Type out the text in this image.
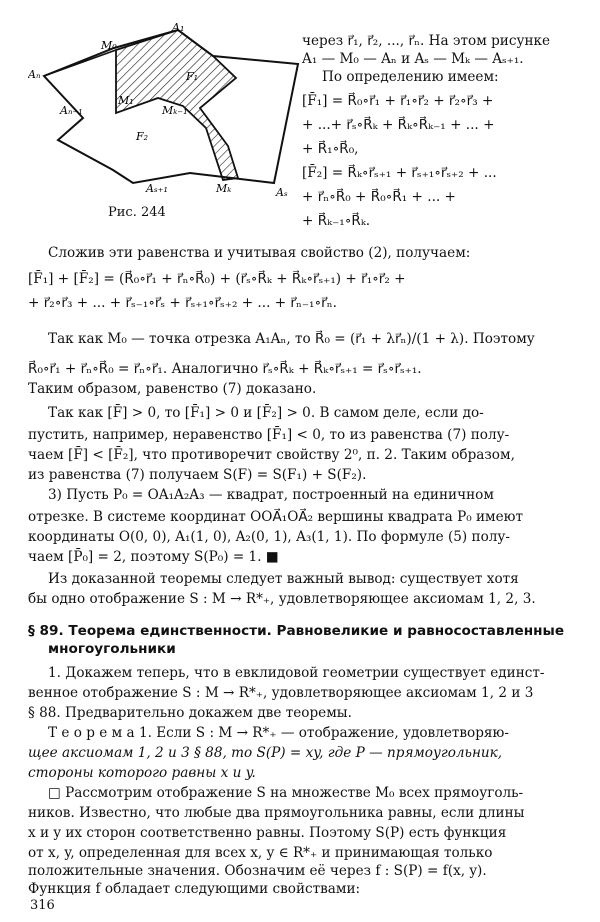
A₁
M₀
Aₙ
Aₙ₋₁
M₁
Mₖ₋₁
F₁
F₂
Aₛ₊₁	Mₖ	Aₛ
Рис. 244
через r⃗₁, r⃗₂, ..., r⃗ₙ. На этом рисунке
A₁ — M₀ — Aₙ и Aₛ — Mₖ — Aₛ₊₁.
По определению имеем:
[F̄₁] = R⃗₀∘r⃗₁ + r⃗₁∘r⃗₂ + r⃗₂∘r⃗₃ +
+ ...+ r⃗ₛ∘R⃗ₖ + R⃗ₖ∘R⃗ₖ₋₁ + ... +
+ R⃗₁∘R⃗₀,
[F̄₂] = R⃗ₖ∘r⃗ₛ₊₁ + r⃗ₛ₊₁∘r⃗ₛ₊₂ + ...
+ r⃗ₙ∘R⃗₀ + R⃗₀∘R⃗₁ + ... +
+ R⃗ₖ₋₁∘R⃗ₖ.
Сложив эти равенства и учитывая свойство (2), получаем:
[F̄₁] + [F̄₂] = (R⃗₀∘r⃗₁ + r⃗ₙ∘R⃗₀) + (r⃗ₛ∘R⃗ₖ + R⃗ₖ∘r⃗ₛ₊₁) + r⃗₁∘r⃗₂ +
+ r⃗₂∘r⃗₃ + ... + r⃗ₛ₋₁∘r⃗ₛ + r⃗ₛ₊₁∘r⃗ₛ₊₂ + ... + r⃗ₙ₋₁∘r⃗ₙ.
Так как M₀ — точка отрезка A₁Aₙ, то R⃗₀ = (r⃗₁ + λr⃗ₙ)/(1 + λ). Поэтому
R⃗₀∘r⃗₁ + r⃗ₙ∘R⃗₀ = r⃗ₙ∘r⃗₁. Аналогично r⃗ₛ∘R⃗ₖ + R⃗ₖ∘r⃗ₛ₊₁ = r⃗ₛ∘r⃗ₛ₊₁.
Таким образом, равенство (7) доказано.
Так как [F̄] > 0, то [F̄₁] > 0 и [F̄₂] > 0. В самом деле, если до-
пустить, например, неравенство [F̄₁] < 0, то из равенства (7) полу-
чаем [F̄] < [F̄₂], что противоречит свойству 2⁰, п. 2. Таким образом,
из равенства (7) получаем S(F) = S(F₁) + S(F₂).
3) Пусть P₀ = OA₁A₂A₃ — квадрат, построенный на единичном
отрезке. В системе координат OOA⃗₁OA⃗₂ вершины квадрата P₀ имеют
координаты O(0, 0), A₁(1, 0), A₂(0, 1), A₃(1, 1). По формуле (5) полу-
чаем [P̄₀] = 2, поэтому S(P₀) = 1. ■
Из доказанной теоремы следует важный вывод: существует хотя
бы одно отображение S : M → R*₊, удовлетворяющее аксиомам 1, 2, 3.
§ 89. Теорема единственности. Равновеликие и равносоставленные
многоугольники
1. Докажем теперь, что в евклидовой геометрии существует единст-
венное отображение S : M → R*₊, удовлетворяющее аксиомам 1, 2 и 3
§ 88. Предварительно докажем две теоремы.
Т е о р е м а 1. Если S : M → R*₊ — отображение, удовлетворяю-
щее аксиомам 1, 2 и 3 § 88, то S(P) = xy, где P — прямоугольник,
стороны которого равны x и y.
□ Рассмотрим отображение S на множестве M₀ всех прямоуголь-
ников. Известно, что любые два прямоугольника равны, если длины
x и y их сторон соответственно равны. Поэтому S(P) есть функция
от x, y, определенная для всех x, y ∈ R*₊ и принимающая только
положительные значения. Обозначим её через f : S(P) = f(x, y).
316
Функция f обладает следующими свойствами:
